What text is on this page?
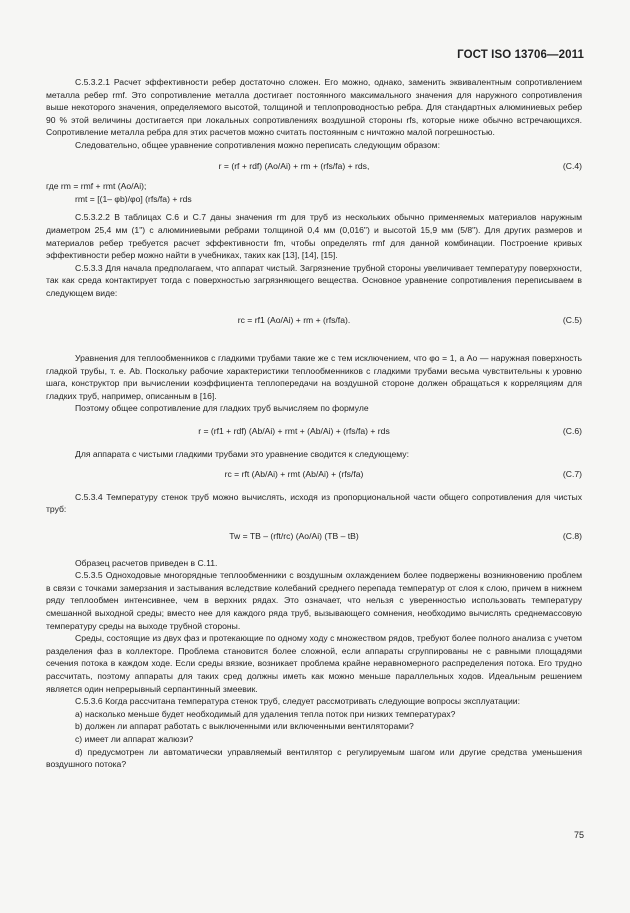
ГОСТ ISO 13706—2011

С.5.3.2.1 Расчет эффективности ребер достаточно сложен. Его можно, однако, заменить эквивалентным сопротивлением металла ребер rmf. Это сопротивление металла достигает постоянного максимального значения для наружного сопротивления выше некоторого значения, определяемого высотой, толщиной и теплопроводностью ребра. Для стандартных алюминиевых ребер 90 % этой величины достигается при локальных сопротивлениях воздушной стороны rfs, которые ниже обычно встречающихся. Сопротивление металла ребра для этих расчетов можно считать постоянным с ничтожно малой погрешностью.

Следовательно, общее уравнение сопротивления можно переписать следующим образом:

r = (rf + rdf) (Ao/Ai) + rm + (rfs/fa) + rds,	(C.4)

где rm = rmf + rmt (Ao/Ai);

rmt = [(1– φb)/φo] (rfs/fa) + rds

С.5.3.2.2 В таблицах С.6 и С.7 даны значения rm для труб из нескольких обычно применяемых материалов наружным диаметром 25,4 мм (1") с алюминиевыми ребрами толщиной 0,4 мм (0,016") и высотой 15,9 мм (5/8"). Для других размеров и материалов ребер требуется расчет эффективности fm, чтобы определять rmf для данной комбинации. Построение кривых эффективности ребер можно найти в учебниках, таких как [13], [14], [15].

С.5.3.3 Для начала предполагаем, что аппарат чистый. Загрязнение трубной стороны увеличивает температуру поверхности, так как среда контактирует тогда с поверхностью загрязняющего вещества. Основное уравнение сопротивления переписываем в следующем виде:

rc = rf1 (Ao/Ai) + rm + (rfs/fa).	(C.5)

Уравнения для теплообменников с гладкими трубами такие же с тем исключением, что φo = 1, а Ao — наружная поверхность гладкой трубы, т. е. Ab. Поскольку рабочие характеристики теплообменников с гладкими трубами весьма чувствительны к уровню шага, конструктор при вычислении коэффициента теплопередачи на воздушной стороне должен обращаться к корреляциям для гладких труб, например, описанным в [16].

Поэтому общее сопротивление для гладких труб вычисляем по формуле

r = (rf1 + rdf) (Ab/Ai) + rmt + (Ab/Ai) + (rfs/fa) + rds	(C.6)

Для аппарата с чистыми гладкими трубами это уравнение сводится к следующему:

rc = rft (Ab/Ai) + rmt (Ab/Ai) + (rfs/fa)	(C.7)

С.5.3.4 Температуру стенок труб можно вычислять, исходя из пропорциональной части общего сопротивления для чистых труб:

Tw = TB – (rft/rc) (Ao/Ai) (TB – tB)	(C.8)

Образец расчетов приведен в С.11.

С.5.3.5 Одноходовые многорядные теплообменники с воздушным охлаждением более подвержены возникновению проблем в связи с точками замерзания и застывания вследствие колебаний среднего перепада температур от слоя к слою, причем в нижнем ряду теплообмен интенсивнее, чем в верхних рядах. Это означает, что нельзя с уверенностью использовать температуру смешанной выходной среды; вместо нее для каждого ряда труб, вызывающего сомнения, необходимо вычислять среднемассовую температуру среды на выходе трубной стороны.

Среды, состоящие из двух фаз и протекающие по одному ходу с множеством рядов, требуют более полного анализа с учетом разделения фаз в коллекторе. Проблема становится более сложной, если аппараты сгруппированы не с равными площадями сечения потока в каждом ходе. Если среды вязкие, возникает проблема крайне неравномерного распределения потока. Его трудно рассчитать, поэтому аппараты для таких сред должны иметь как можно меньше параллельных ходов. Идеальным решением является один непрерывный серпантинный змеевик.

С.5.3.6 Когда рассчитана температура стенок труб, следует рассмотривать следующие вопросы эксплуатации:

a) насколько меньше будет необходимый для удаления тепла поток при низких температурах?

b) должен ли аппарат работать с выключенными или включенными вентиляторами?

c) имеет ли аппарат жалюзи?

d) предусмотрен ли автоматически управляемый вентилятор с регулируемым шагом или другие средства уменьшения воздушного потока?

75
